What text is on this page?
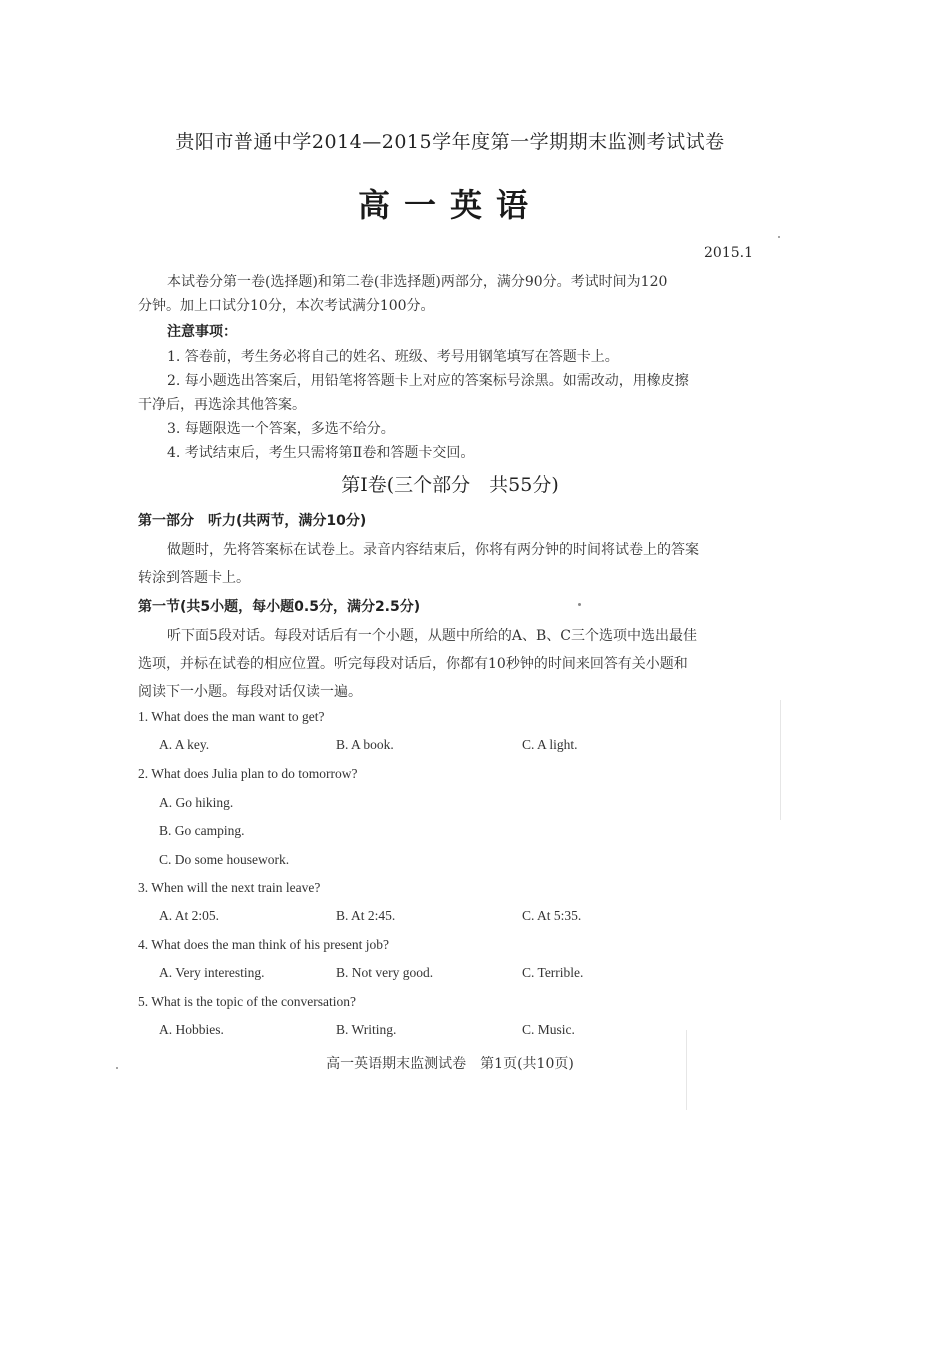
贵阳市普通中学2014—2015学年度第一学期期末监测考试试卷
高一英语
2015.1
本试卷分第一卷(选择题)和第二卷(非选择题)两部分，满分90分。考试时间为120
分钟。加上口试分10分，本次考试满分100分。
注意事项：
1. 答卷前，考生务必将自己的姓名、班级、考号用钢笔填写在答题卡上。
2. 每小题选出答案后，用铅笔将答题卡上对应的答案标号涂黑。如需改动，用橡皮擦
干净后，再选涂其他答案。
3. 每题限选一个答案，多选不给分。
4. 考试结束后，考生只需将第Ⅱ卷和答题卡交回。
第Ⅰ卷(三个部分　共55分)
第一部分　听力(共两节，满分10分)
做题时，先将答案标在试卷上。录音内容结束后，你将有两分钟的时间将试卷上的答案
转涂到答题卡上。
第一节(共5小题，每小题0.5分，满分2.5分)
听下面5段对话。每段对话后有一个小题，从题中所给的A、B、C三个选项中选出最佳
选项，并标在试卷的相应位置。听完每段对话后，你都有10秒钟的时间来回答有关小题和
阅读下一小题。每段对话仅读一遍。
1. What does the man want to get?
A. A key.	B. A book.	C. A light.
2. What does Julia plan to do tomorrow?
A. Go hiking.
B. Go camping.
C. Do some housework.
3. When will the next train leave?
A. At 2:05.	B. At 2:45.	C. At 5:35.
4. What does the man think of his present job?
A. Very interesting.	B. Not very good.	C. Terrible.
5. What is the topic of the conversation?
A. Hobbies.	B. Writing.	C. Music.
高一英语期末监测试卷　第1页(共10页)
